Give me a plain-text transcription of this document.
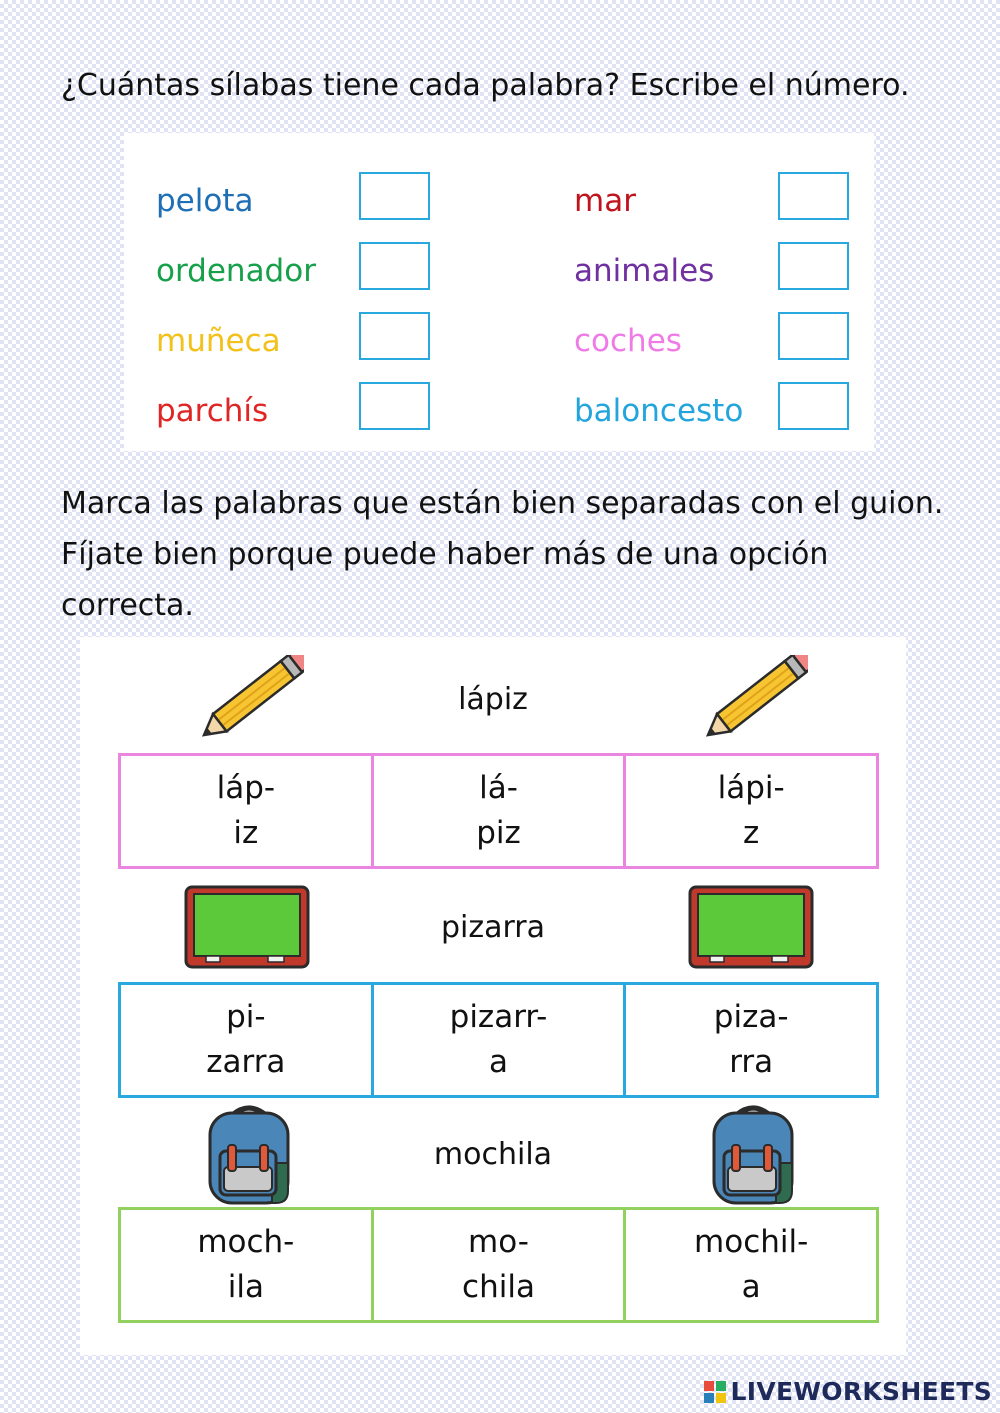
¿Cuántas sílabas tiene cada palabra? Escribe el número.

pelota
ordenador
muñeca
parchís
mar
animales
coches
baloncesto

Marca las palabras que están bien separadas con el guion. Fíjate bien porque puede haber más de una opción correcta.

lápiz
láp-
iz
lá-
piz
lápi-
z
pizarra
pi-
zarra
pizarr-
a
piza-
rra
mochila
moch-
ila
mo-
chila
mochil-
a
LIVEWORKSHEETS
